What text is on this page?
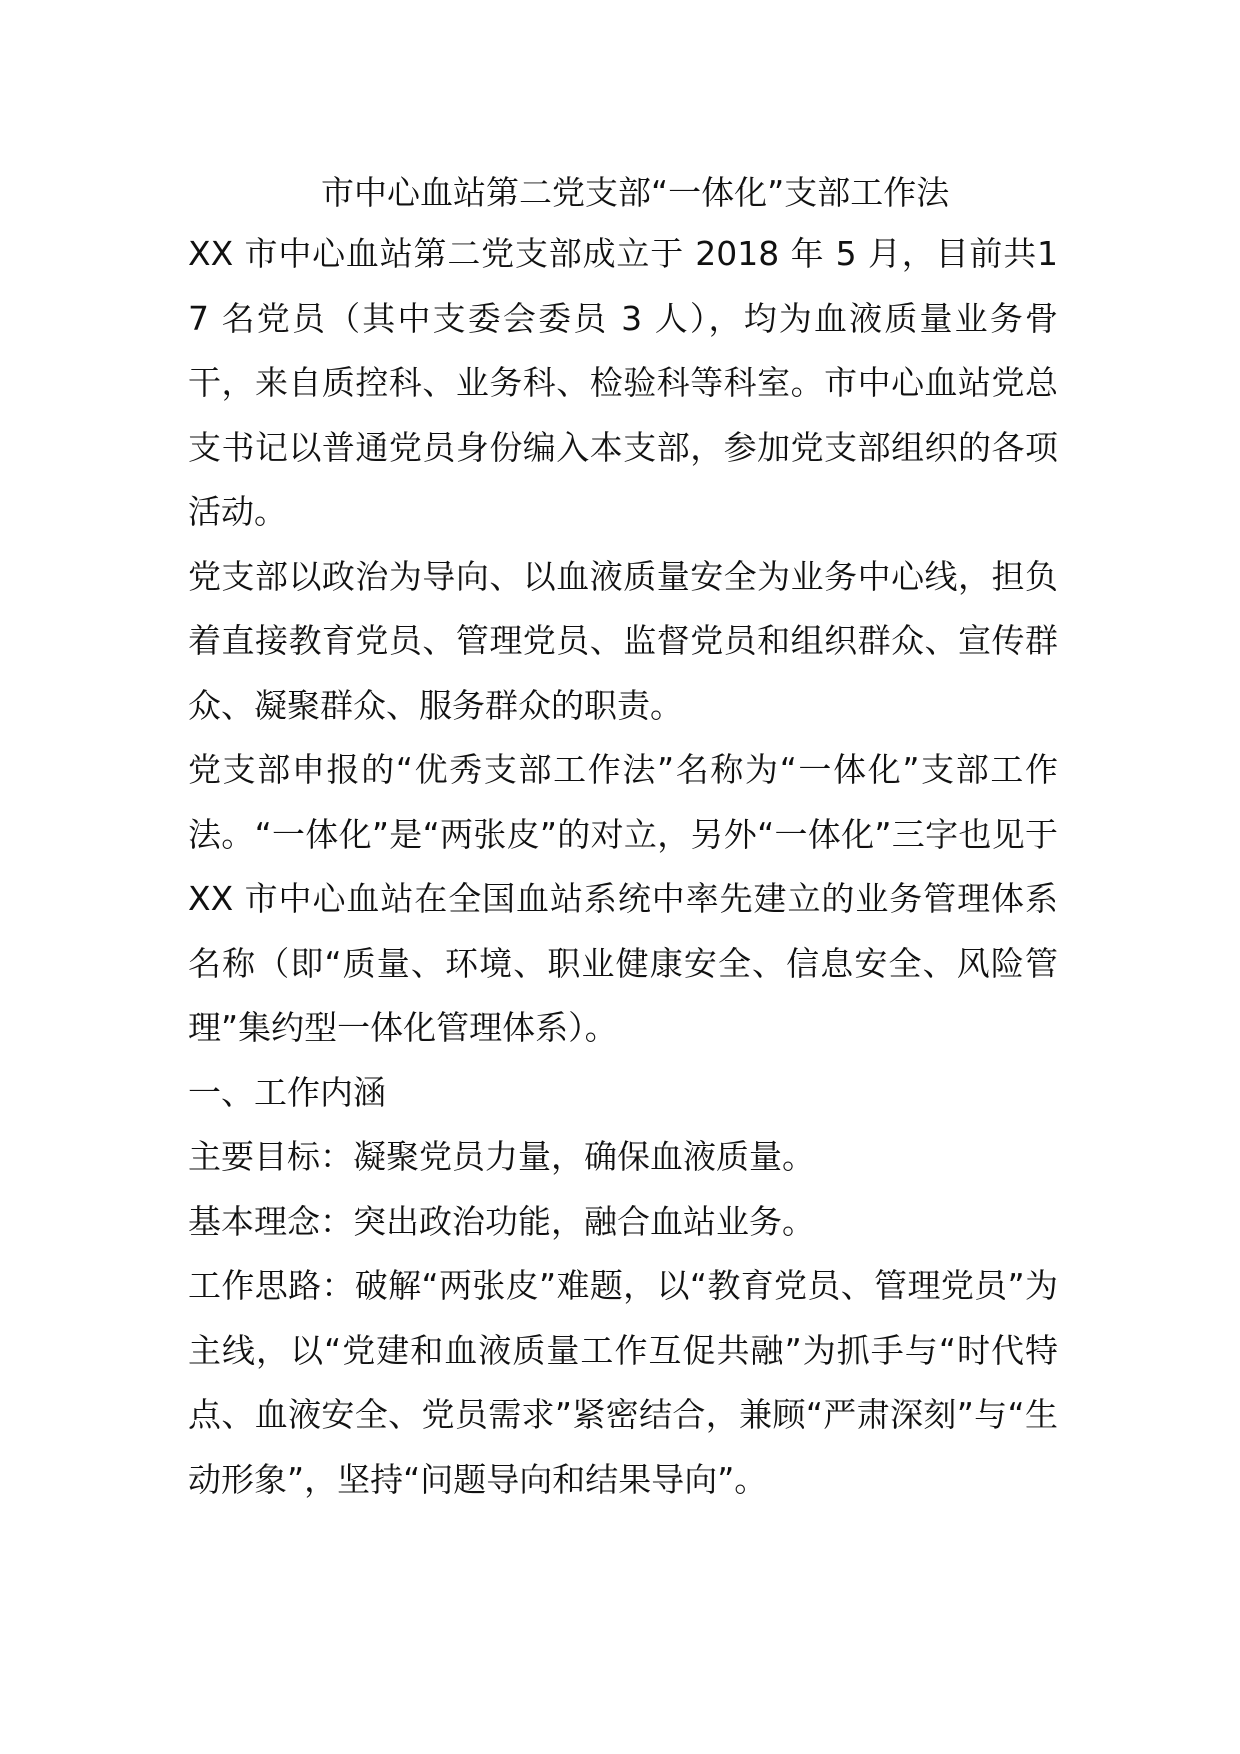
市中心血站第二党支部“一体化”支部工作法

XX 市中心血站第二党支部成立于 2018 年 5 月，目前共17 名党员（其中支委会委员 3 人），均为血液质量业务骨干，来自质控科、业务科、检验科等科室。市中心血站党总支书记以普通党员身份编入本支部，参加党支部组织的各项活动。

党支部以政治为导向、以血液质量安全为业务中心线，担负着直接教育党员、管理党员、监督党员和组织群众、宣传群众、凝聚群众、服务群众的职责。

党支部申报的“优秀支部工作法”名称为“一体化”支部工作法。“一体化”是“两张皮”的对立，另外“一体化”三字也见于 XX 市中心血站在全国血站系统中率先建立的业务管理体系名称（即“质量、环境、职业健康安全、信息安全、风险管理”集约型一体化管理体系）。

一、工作内涵

主要目标：凝聚党员力量，确保血液质量。

基本理念：突出政治功能，融合血站业务。

工作思路：破解“两张皮”难题，以“教育党员、管理党员”为主线，以“党建和血液质量工作互促共融”为抓手与“时代特点、血液安全、党员需求”紧密结合，兼顾“严肃深刻”与“生动形象”，坚持“问题导向和结果导向”。
